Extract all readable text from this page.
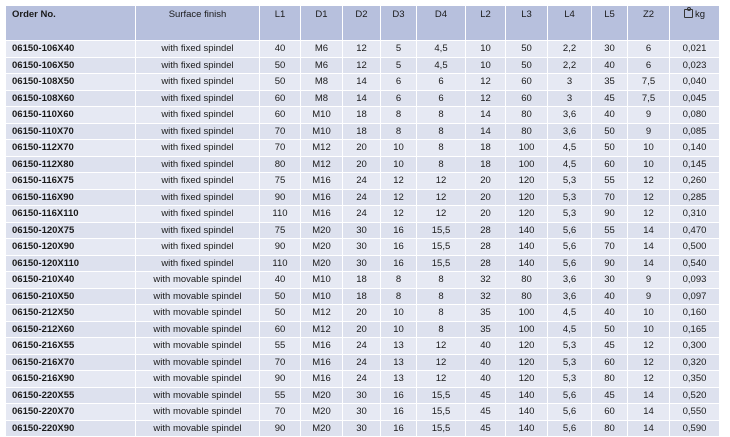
Order No.	Surface finish	L1	D1	D2	D3	D4	L2	L3	L4	L5	Z2	kg
06150-106X40	with fixed spindel	40	M6	12	5	4,5	10	50	2,2	30	6	0,021
06150-106X50	with fixed spindel	50	M6	12	5	4,5	10	50	2,2	40	6	0,023
06150-108X50	with fixed spindel	50	M8	14	6	6	12	60	3	35	7,5	0,040
06150-108X60	with fixed spindel	60	M8	14	6	6	12	60	3	45	7,5	0,045
06150-110X60	with fixed spindel	60	M10	18	8	8	14	80	3,6	40	9	0,080
06150-110X70	with fixed spindel	70	M10	18	8	8	14	80	3,6	50	9	0,085
06150-112X70	with fixed spindel	70	M12	20	10	8	18	100	4,5	50	10	0,140
06150-112X80	with fixed spindel	80	M12	20	10	8	18	100	4,5	60	10	0,145
06150-116X75	with fixed spindel	75	M16	24	12	12	20	120	5,3	55	12	0,260
06150-116X90	with fixed spindel	90	M16	24	12	12	20	120	5,3	70	12	0,285
06150-116X110	with fixed spindel	110	M16	24	12	12	20	120	5,3	90	12	0,310
06150-120X75	with fixed spindel	75	M20	30	16	15,5	28	140	5,6	55	14	0,470
06150-120X90	with fixed spindel	90	M20	30	16	15,5	28	140	5,6	70	14	0,500
06150-120X110	with fixed spindel	110	M20	30	16	15,5	28	140	5,6	90	14	0,540
06150-210X40	with movable spindel	40	M10	18	8	8	32	80	3,6	30	9	0,093
06150-210X50	with movable spindel	50	M10	18	8	8	32	80	3,6	40	9	0,097
06150-212X50	with movable spindel	50	M12	20	10	8	35	100	4,5	40	10	0,160
06150-212X60	with movable spindel	60	M12	20	10	8	35	100	4,5	50	10	0,165
06150-216X55	with movable spindel	55	M16	24	13	12	40	120	5,3	45	12	0,300
06150-216X70	with movable spindel	70	M16	24	13	12	40	120	5,3	60	12	0,320
06150-216X90	with movable spindel	90	M16	24	13	12	40	120	5,3	80	12	0,350
06150-220X55	with movable spindel	55	M20	30	16	15,5	45	140	5,6	45	14	0,520
06150-220X70	with movable spindel	70	M20	30	16	15,5	45	140	5,6	60	14	0,550
06150-220X90	with movable spindel	90	M20	30	16	15,5	45	140	5,6	80	14	0,590
